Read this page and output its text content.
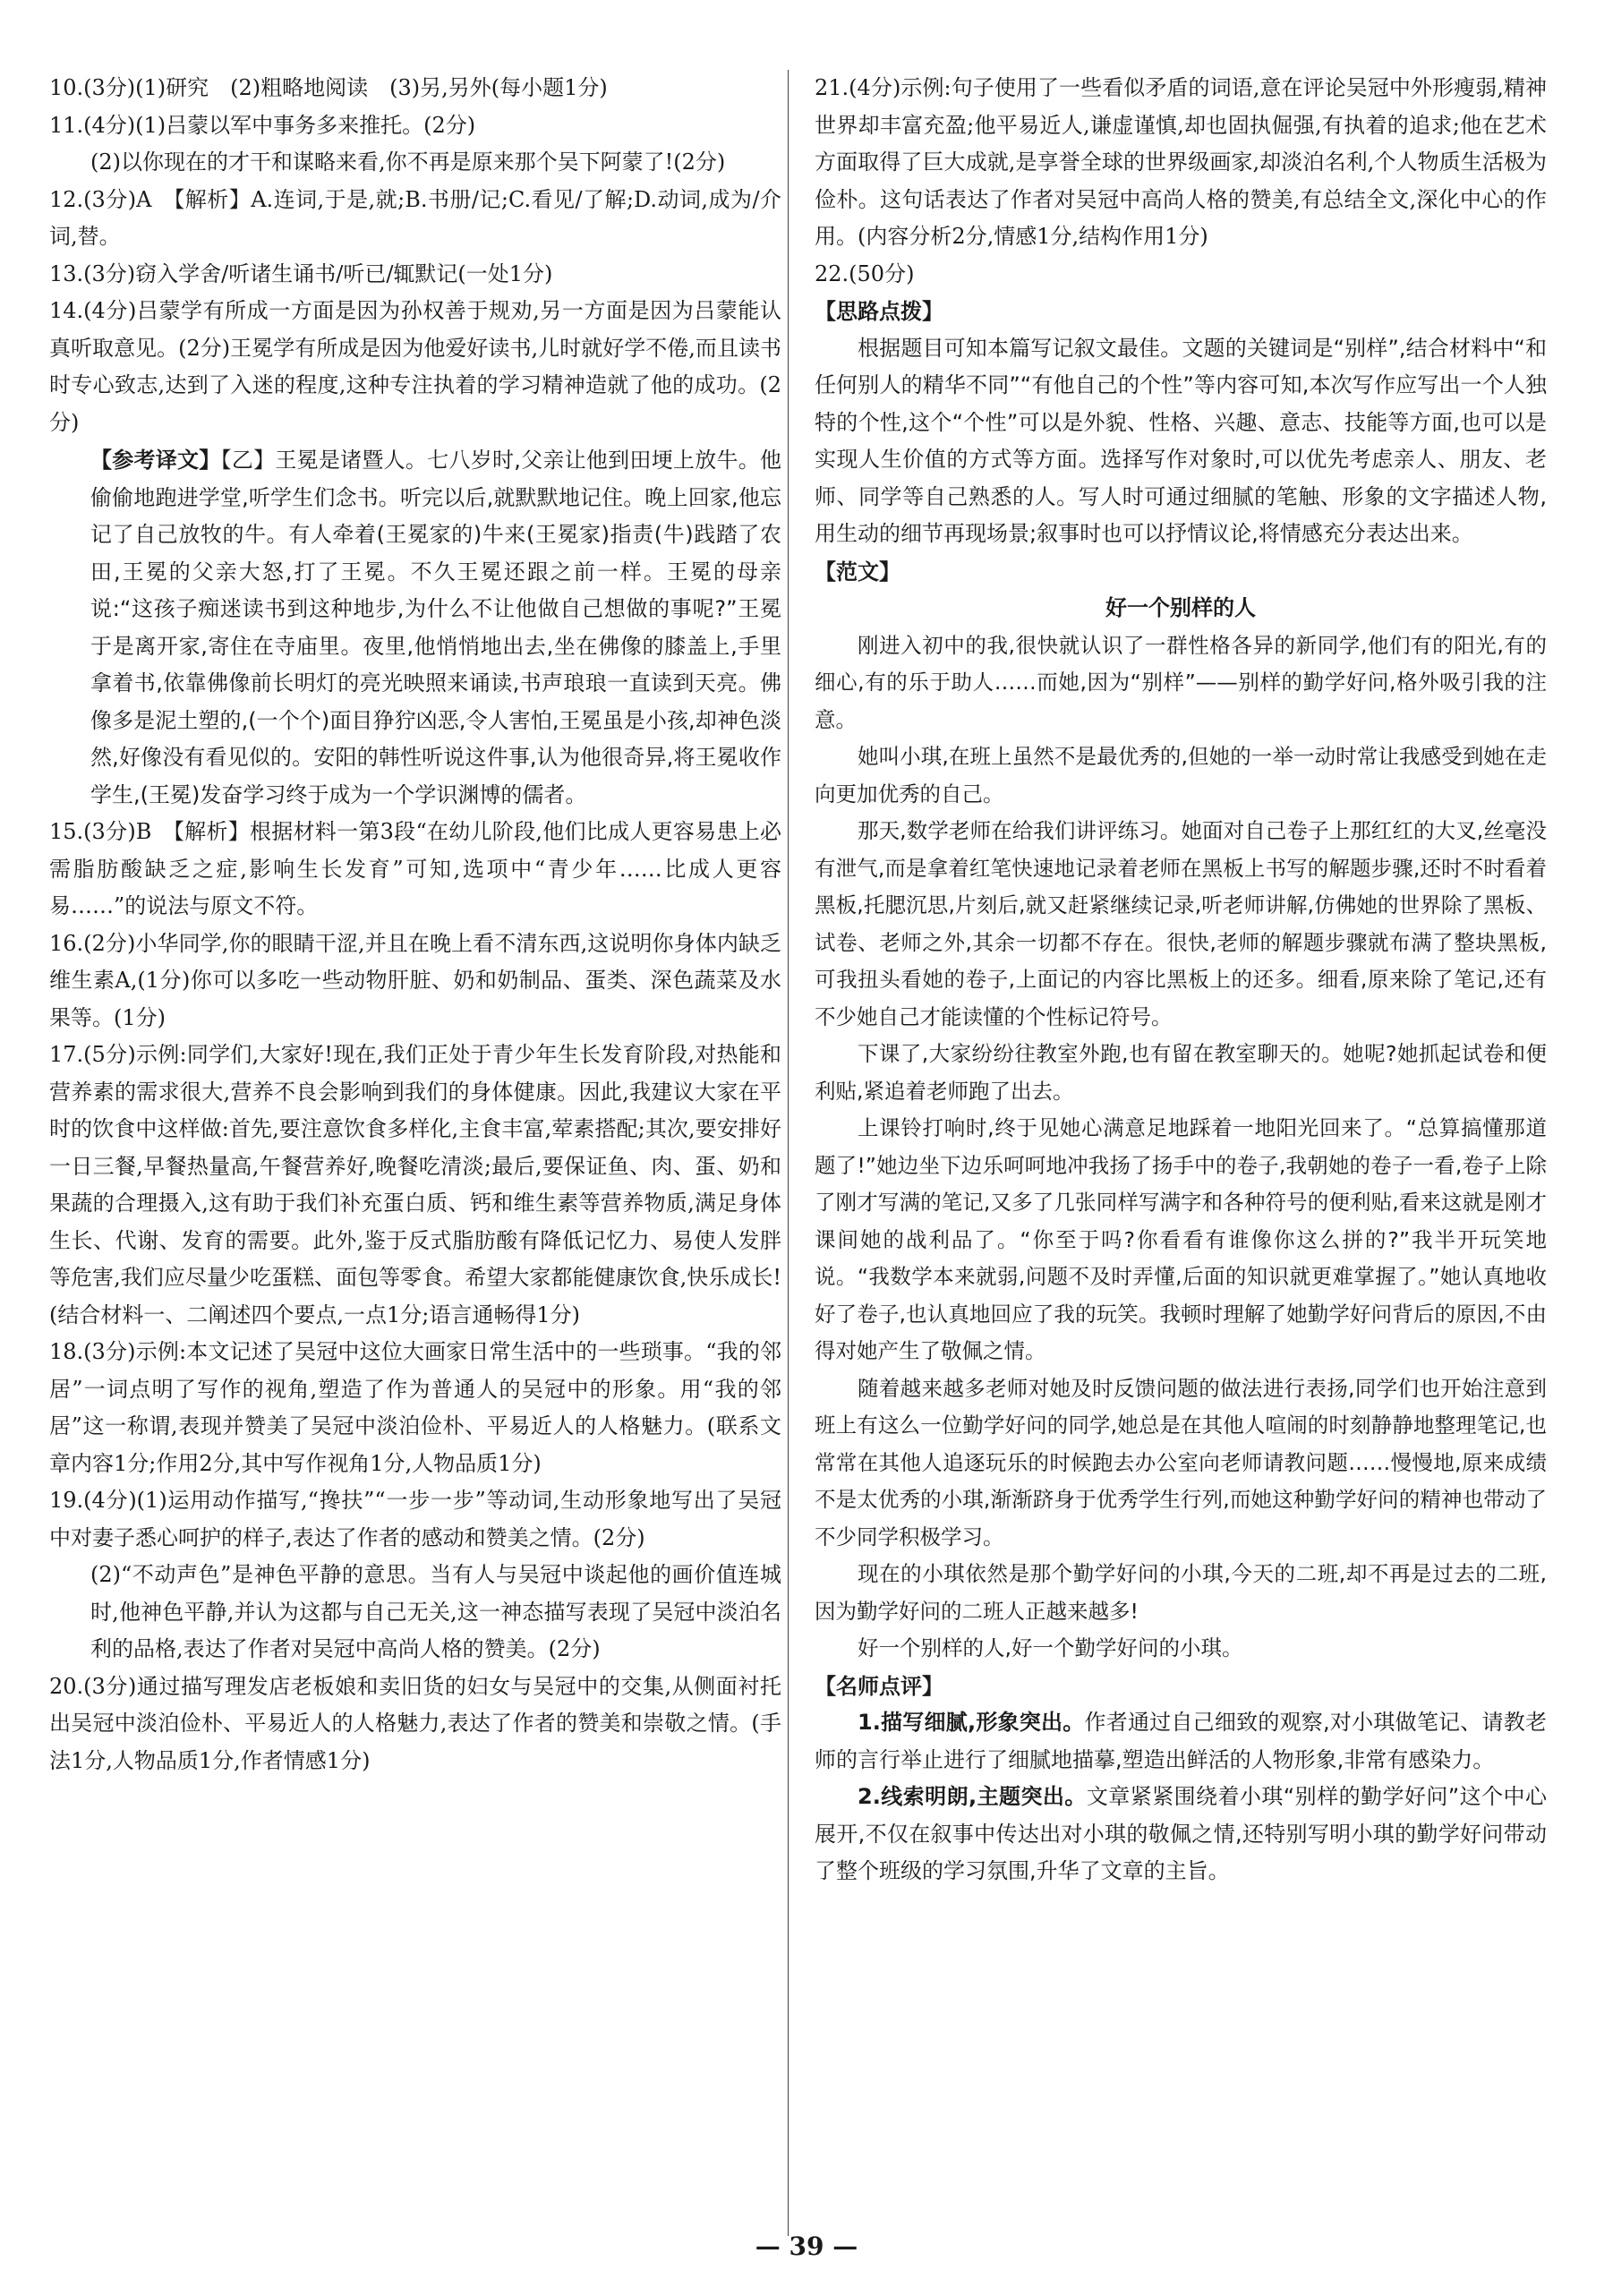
10.(3分)(1)研究　(2)粗略地阅读　(3)另,另外(每小题1分)

11.(4分)(1)吕蒙以军中事务多来推托。(2分)

(2)以你现在的才干和谋略来看,你不再是原来那个吴下阿蒙了!(2分)

12.(3分)A　【解析】A.连词,于是,就;B.书册/记;C.看见/了解;D.动词,成为/介词,替。

13.(3分)窃入学舍/听诸生诵书/听已/辄默记(一处1分)

14.(4分)吕蒙学有所成一方面是因为孙权善于规劝,另一方面是因为吕蒙能认真听取意见。(2分)王冕学有所成是因为他爱好读书,儿时就好学不倦,而且读书时专心致志,达到了入迷的程度,这种专注执着的学习精神造就了他的成功。(2分)

【参考译文】【乙】王冕是诸暨人。七八岁时,父亲让他到田埂上放牛。他偷偷地跑进学堂,听学生们念书。听完以后,就默默地记住。晚上回家,他忘记了自己放牧的牛。有人牵着(王冕家的)牛来(王冕家)指责(牛)践踏了农田,王冕的父亲大怒,打了王冕。不久王冕还跟之前一样。王冕的母亲说:“这孩子痴迷读书到这种地步,为什么不让他做自己想做的事呢?”王冕于是离开家,寄住在寺庙里。夜里,他悄悄地出去,坐在佛像的膝盖上,手里拿着书,依靠佛像前长明灯的亮光映照来诵读,书声琅琅一直读到天亮。佛像多是泥土塑的,(一个个)面目狰狞凶恶,令人害怕,王冕虽是小孩,却神色淡然,好像没有看见似的。安阳的韩性听说这件事,认为他很奇异,将王冕收作学生,(王冕)发奋学习终于成为一个学识渊博的儒者。

15.(3分)B　【解析】根据材料一第3段“在幼儿阶段,他们比成人更容易患上必需脂肪酸缺乏之症,影响生长发育”可知,选项中“青少年……比成人更容易……”的说法与原文不符。

16.(2分)小华同学,你的眼睛干涩,并且在晚上看不清东西,这说明你身体内缺乏维生素A,(1分)你可以多吃一些动物肝脏、奶和奶制品、蛋类、深色蔬菜及水果等。(1分)

17.(5分)示例:同学们,大家好!现在,我们正处于青少年生长发育阶段,对热能和营养素的需求很大,营养不良会影响到我们的身体健康。因此,我建议大家在平时的饮食中这样做:首先,要注意饮食多样化,主食丰富,荤素搭配;其次,要安排好一日三餐,早餐热量高,午餐营养好,晚餐吃清淡;最后,要保证鱼、肉、蛋、奶和果蔬的合理摄入,这有助于我们补充蛋白质、钙和维生素等营养物质,满足身体生长、代谢、发育的需要。此外,鉴于反式脂肪酸有降低记忆力、易使人发胖等危害,我们应尽量少吃蛋糕、面包等零食。希望大家都能健康饮食,快乐成长!(结合材料一、二阐述四个要点,一点1分;语言通畅得1分)

18.(3分)示例:本文记述了吴冠中这位大画家日常生活中的一些琐事。“我的邻居”一词点明了写作的视角,塑造了作为普通人的吴冠中的形象。用“我的邻居”这一称谓,表现并赞美了吴冠中淡泊俭朴、平易近人的人格魅力。(联系文章内容1分;作用2分,其中写作视角1分,人物品质1分)

19.(4分)(1)运用动作描写,“搀扶”“一步一步”等动词,生动形象地写出了吴冠中对妻子悉心呵护的样子,表达了作者的感动和赞美之情。(2分)

(2)“不动声色”是神色平静的意思。当有人与吴冠中谈起他的画价值连城时,他神色平静,并认为这都与自己无关,这一神态描写表现了吴冠中淡泊名利的品格,表达了作者对吴冠中高尚人格的赞美。(2分)

20.(3分)通过描写理发店老板娘和卖旧货的妇女与吴冠中的交集,从侧面衬托出吴冠中淡泊俭朴、平易近人的人格魅力,表达了作者的赞美和崇敬之情。(手法1分,人物品质1分,作者情感1分)

21.(4分)示例:句子使用了一些看似矛盾的词语,意在评论吴冠中外形瘦弱,精神世界却丰富充盈;他平易近人,谦虚谨慎,却也固执倔强,有执着的追求;他在艺术方面取得了巨大成就,是享誉全球的世界级画家,却淡泊名利,个人物质生活极为俭朴。这句话表达了作者对吴冠中高尚人格的赞美,有总结全文,深化中心的作用。(内容分析2分,情感1分,结构作用1分)

22.(50分)

【思路点拨】

根据题目可知本篇写记叙文最佳。文题的关键词是“别样”,结合材料中“和任何别人的精华不同”“有他自己的个性”等内容可知,本次写作应写出一个人独特的个性,这个“个性”可以是外貌、性格、兴趣、意志、技能等方面,也可以是实现人生价值的方式等方面。选择写作对象时,可以优先考虑亲人、朋友、老师、同学等自己熟悉的人。写人时可通过细腻的笔触、形象的文字描述人物,用生动的细节再现场景;叙事时也可以抒情议论,将情感充分表达出来。

【范文】

好一个别样的人

刚进入初中的我,很快就认识了一群性格各异的新同学,他们有的阳光,有的细心,有的乐于助人……而她,因为“别样”——别样的勤学好问,格外吸引我的注意。

她叫小琪,在班上虽然不是最优秀的,但她的一举一动时常让我感受到她在走向更加优秀的自己。

那天,数学老师在给我们讲评练习。她面对自己卷子上那红红的大叉,丝毫没有泄气,而是拿着红笔快速地记录着老师在黑板上书写的解题步骤,还时不时看着黑板,托腮沉思,片刻后,就又赶紧继续记录,听老师讲解,仿佛她的世界除了黑板、试卷、老师之外,其余一切都不存在。很快,老师的解题步骤就布满了整块黑板,可我扭头看她的卷子,上面记的内容比黑板上的还多。细看,原来除了笔记,还有不少她自己才能读懂的个性标记符号。

下课了,大家纷纷往教室外跑,也有留在教室聊天的。她呢?她抓起试卷和便利贴,紧追着老师跑了出去。

上课铃打响时,终于见她心满意足地踩着一地阳光回来了。“总算搞懂那道题了!”她边坐下边乐呵呵地冲我扬了扬手中的卷子,我朝她的卷子一看,卷子上除了刚才写满的笔记,又多了几张同样写满字和各种符号的便利贴,看来这就是刚才课间她的战利品了。“你至于吗?你看看有谁像你这么拼的?”我半开玩笑地说。“我数学本来就弱,问题不及时弄懂,后面的知识就更难掌握了。”她认真地收好了卷子,也认真地回应了我的玩笑。我顿时理解了她勤学好问背后的原因,不由得对她产生了敬佩之情。

随着越来越多老师对她及时反馈问题的做法进行表扬,同学们也开始注意到班上有这么一位勤学好问的同学,她总是在其他人喧闹的时刻静静地整理笔记,也常常在其他人追逐玩乐的时候跑去办公室向老师请教问题……慢慢地,原来成绩不是太优秀的小琪,渐渐跻身于优秀学生行列,而她这种勤学好问的精神也带动了不少同学积极学习。

现在的小琪依然是那个勤学好问的小琪,今天的二班,却不再是过去的二班,因为勤学好问的二班人正越来越多!

好一个别样的人,好一个勤学好问的小琪。

【名师点评】

1.描写细腻,形象突出。作者通过自己细致的观察,对小琪做笔记、请教老师的言行举止进行了细腻地描摹,塑造出鲜活的人物形象,非常有感染力。

2.线索明朗,主题突出。文章紧紧围绕着小琪“别样的勤学好问”这个中心展开,不仅在叙事中传达出对小琪的敬佩之情,还特别写明小琪的勤学好问带动了整个班级的学习氛围,升华了文章的主旨。

— 39 —
